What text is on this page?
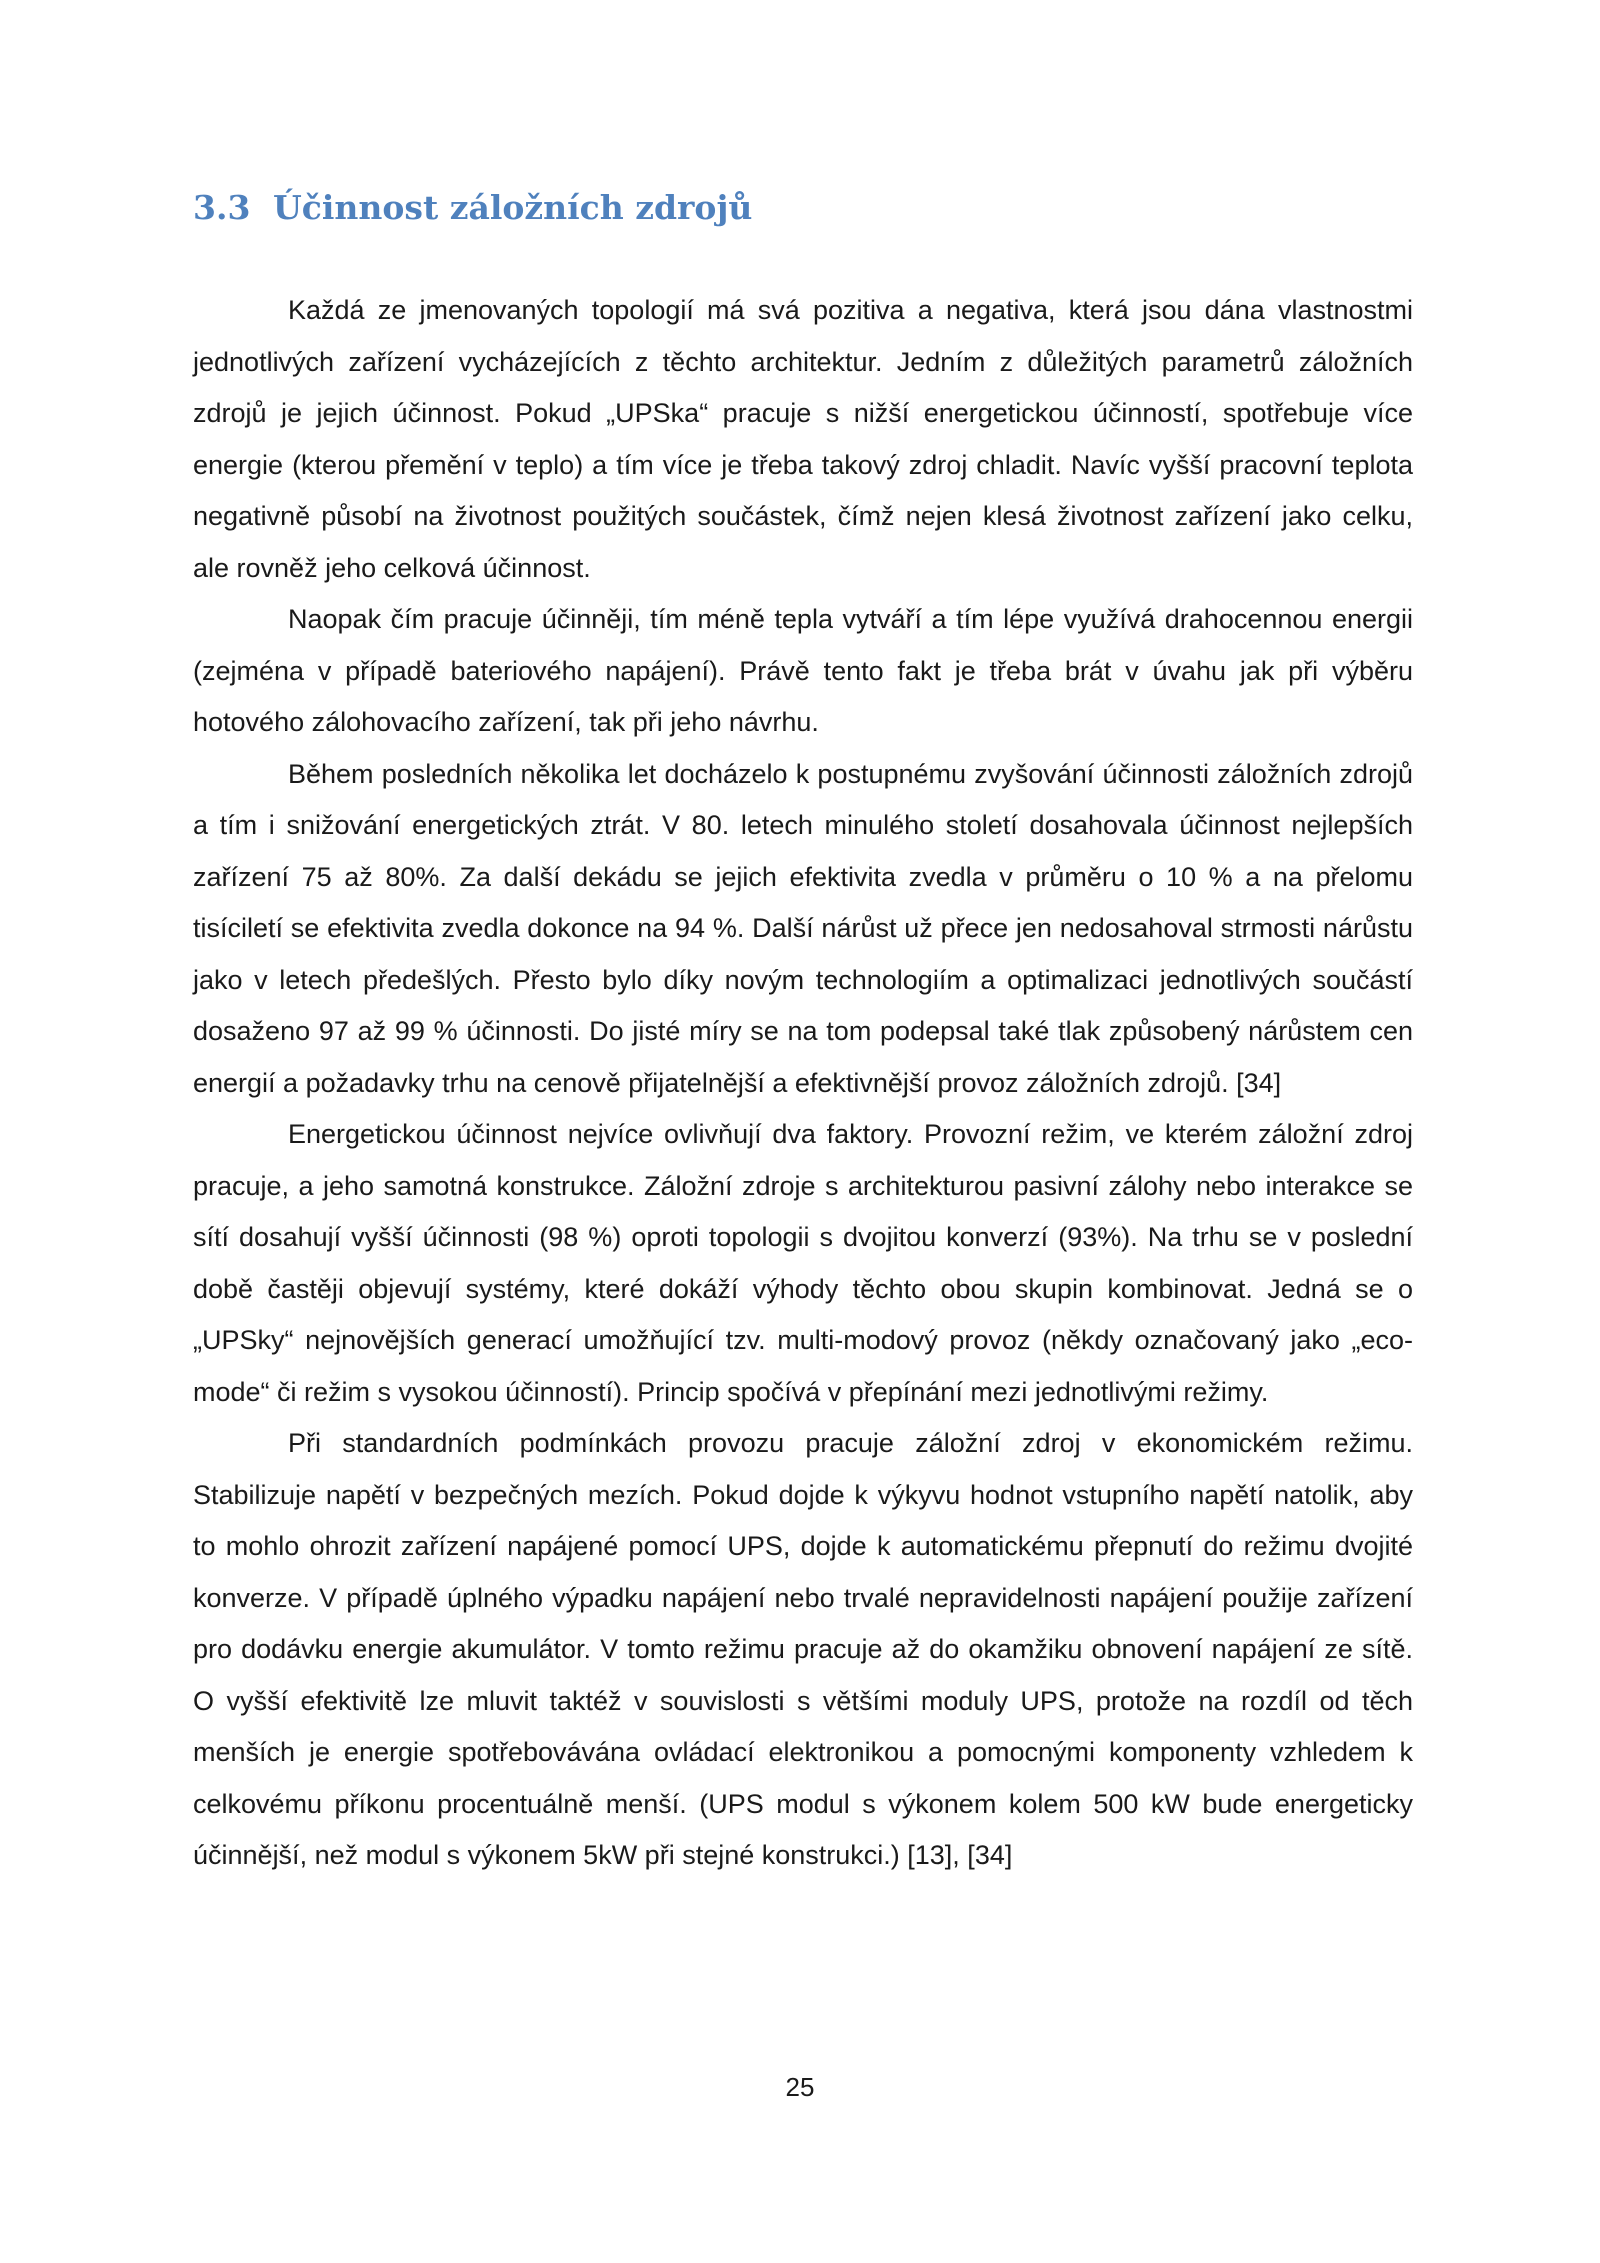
3.3 Účinnost záložních zdrojů

Každá ze jmenovaných topologií má svá pozitiva a negativa, která jsou dána vlastnostmi jednotlivých zařízení vycházejících z těchto architektur. Jedním z důležitých parametrů záložních zdrojů je jejich účinnost. Pokud „UPSka“ pracuje s nižší energetickou účinností, spotřebuje více energie (kterou přemění v teplo) a tím více je třeba takový zdroj chladit. Navíc vyšší pracovní teplota negativně působí na životnost použitých součástek, čímž nejen klesá životnost zařízení jako celku, ale rovněž jeho celková účinnost.

Naopak čím pracuje účinněji, tím méně tepla vytváří a tím lépe využívá drahocennou energii (zejména v případě bateriového napájení). Právě tento fakt je třeba brát v úvahu jak při výběru hotového zálohovacího zařízení, tak při jeho návrhu.

Během posledních několika let docházelo k postupnému zvyšování účinnosti záložních zdrojů a tím i snižování energetických ztrát. V 80. letech minulého století dosahovala účinnost nejlepších zařízení 75 až 80%. Za další dekádu se jejich efektivita zvedla v průměru o 10 % a na přelomu tisíciletí se efektivita zvedla dokonce na 94 %. Další nárůst už přece jen nedosahoval strmosti nárůstu jako v letech předešlých. Přesto bylo díky novým technologiím a optimalizaci jednotlivých součástí dosaženo 97 až 99 % účinnosti. Do jisté míry se na tom podepsal také tlak způsobený nárůstem cen energií a požadavky trhu na cenově přijatelnější a efektivnější provoz záložních zdrojů. [34]

Energetickou účinnost nejvíce ovlivňují dva faktory. Provozní režim, ve kterém záložní zdroj pracuje, a jeho samotná konstrukce. Záložní zdroje s architekturou pasivní zálohy nebo interakce se sítí dosahují vyšší účinnosti (98 %) oproti topologii s dvojitou konverzí (93%). Na trhu se v poslední době častěji objevují systémy, které dokáží výhody těchto obou skupin kombinovat. Jedná se o „UPSky“ nejnovějších generací umožňující tzv. multi-modový provoz (někdy označovaný jako „eco-mode“ či režim s vysokou účinností). Princip spočívá v přepínání mezi jednotlivými režimy.

Při standardních podmínkách provozu pracuje záložní zdroj v ekonomickém režimu. Stabilizuje napětí v bezpečných mezích. Pokud dojde k výkyvu hodnot vstupního napětí natolik, aby to mohlo ohrozit zařízení napájené pomocí UPS, dojde k automatickému přepnutí do režimu dvojité konverze. V případě úplného výpadku napájení nebo trvalé nepravidelnosti napájení použije zařízení pro dodávku energie akumulátor. V tomto režimu pracuje až do okamžiku obnovení napájení ze sítě. O vyšší efektivitě lze mluvit taktéž v souvislosti s většími moduly UPS, protože na rozdíl od těch menších je energie spotřebovávána ovládací elektronikou a pomocnými komponenty vzhledem k celkovému příkonu procentuálně menší. (UPS modul s výkonem kolem 500 kW bude energeticky účinnější, než modul s výkonem 5kW při stejné konstrukci.) [13], [34]

25
